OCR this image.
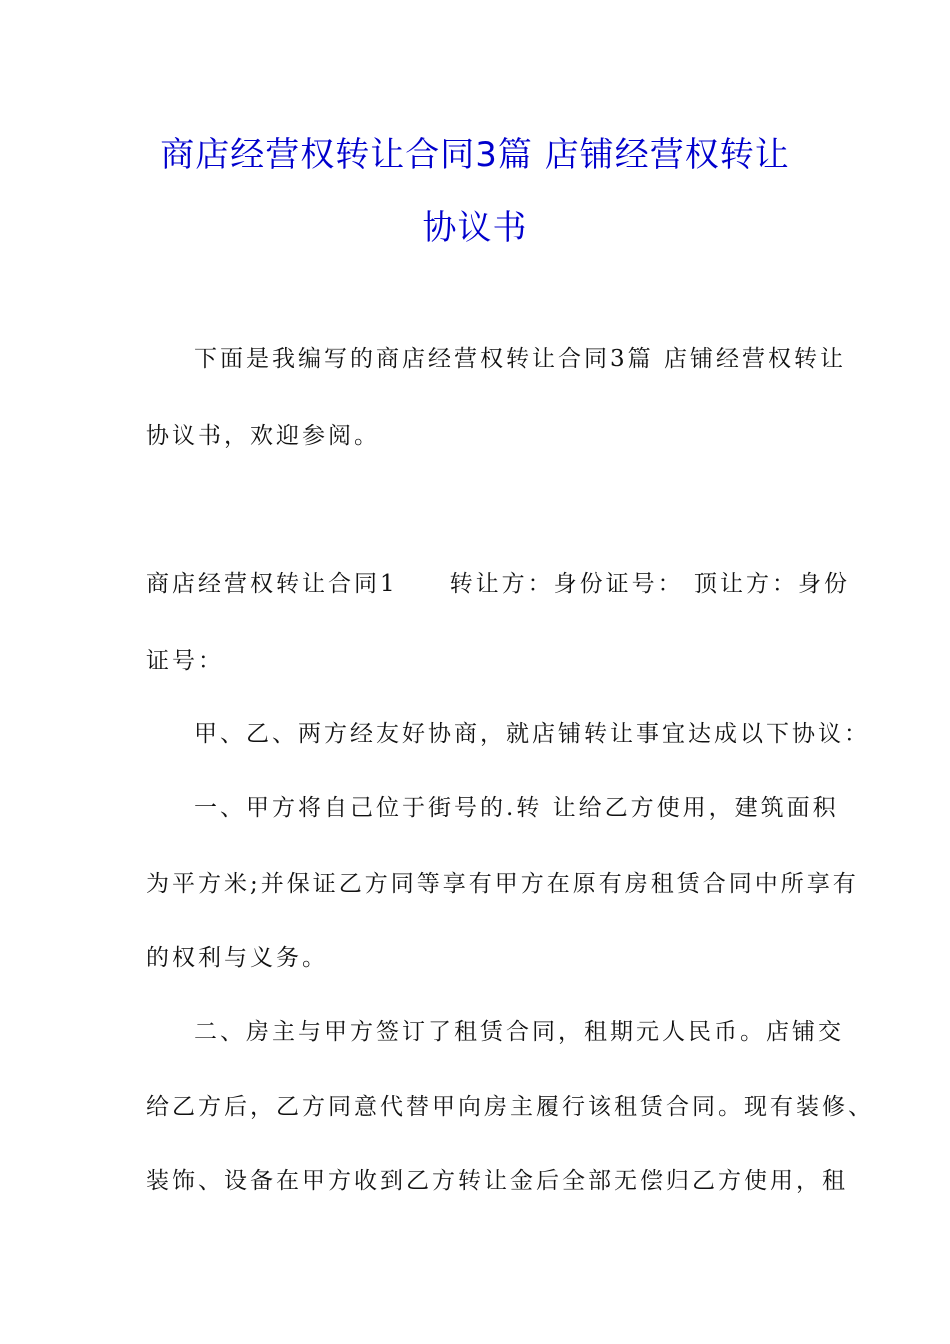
商店经营权转让合同3篇 店铺经营权转让
协议书
下面是我编写的商店经营权转让合同3篇 店铺经营权转让
协议书，欢迎参阅。
商店经营权转让合同1　　转让方：身份证号： 顶让方：身份
证号：
甲、乙、两方经友好协商，就店铺转让事宜达成以下协议：
一、甲方将自己位于街号的.转 让给乙方使用，建筑面积
为平方米;并保证乙方同等享有甲方在原有房租赁合同中所享有
的权利与义务。
二、房主与甲方签订了租赁合同，租期元人民币。店铺交
给乙方后，乙方同意代替甲向房主履行该租赁合同。现有装修、
装饰、设备在甲方收到乙方转让金后全部无偿归乙方使用，租
